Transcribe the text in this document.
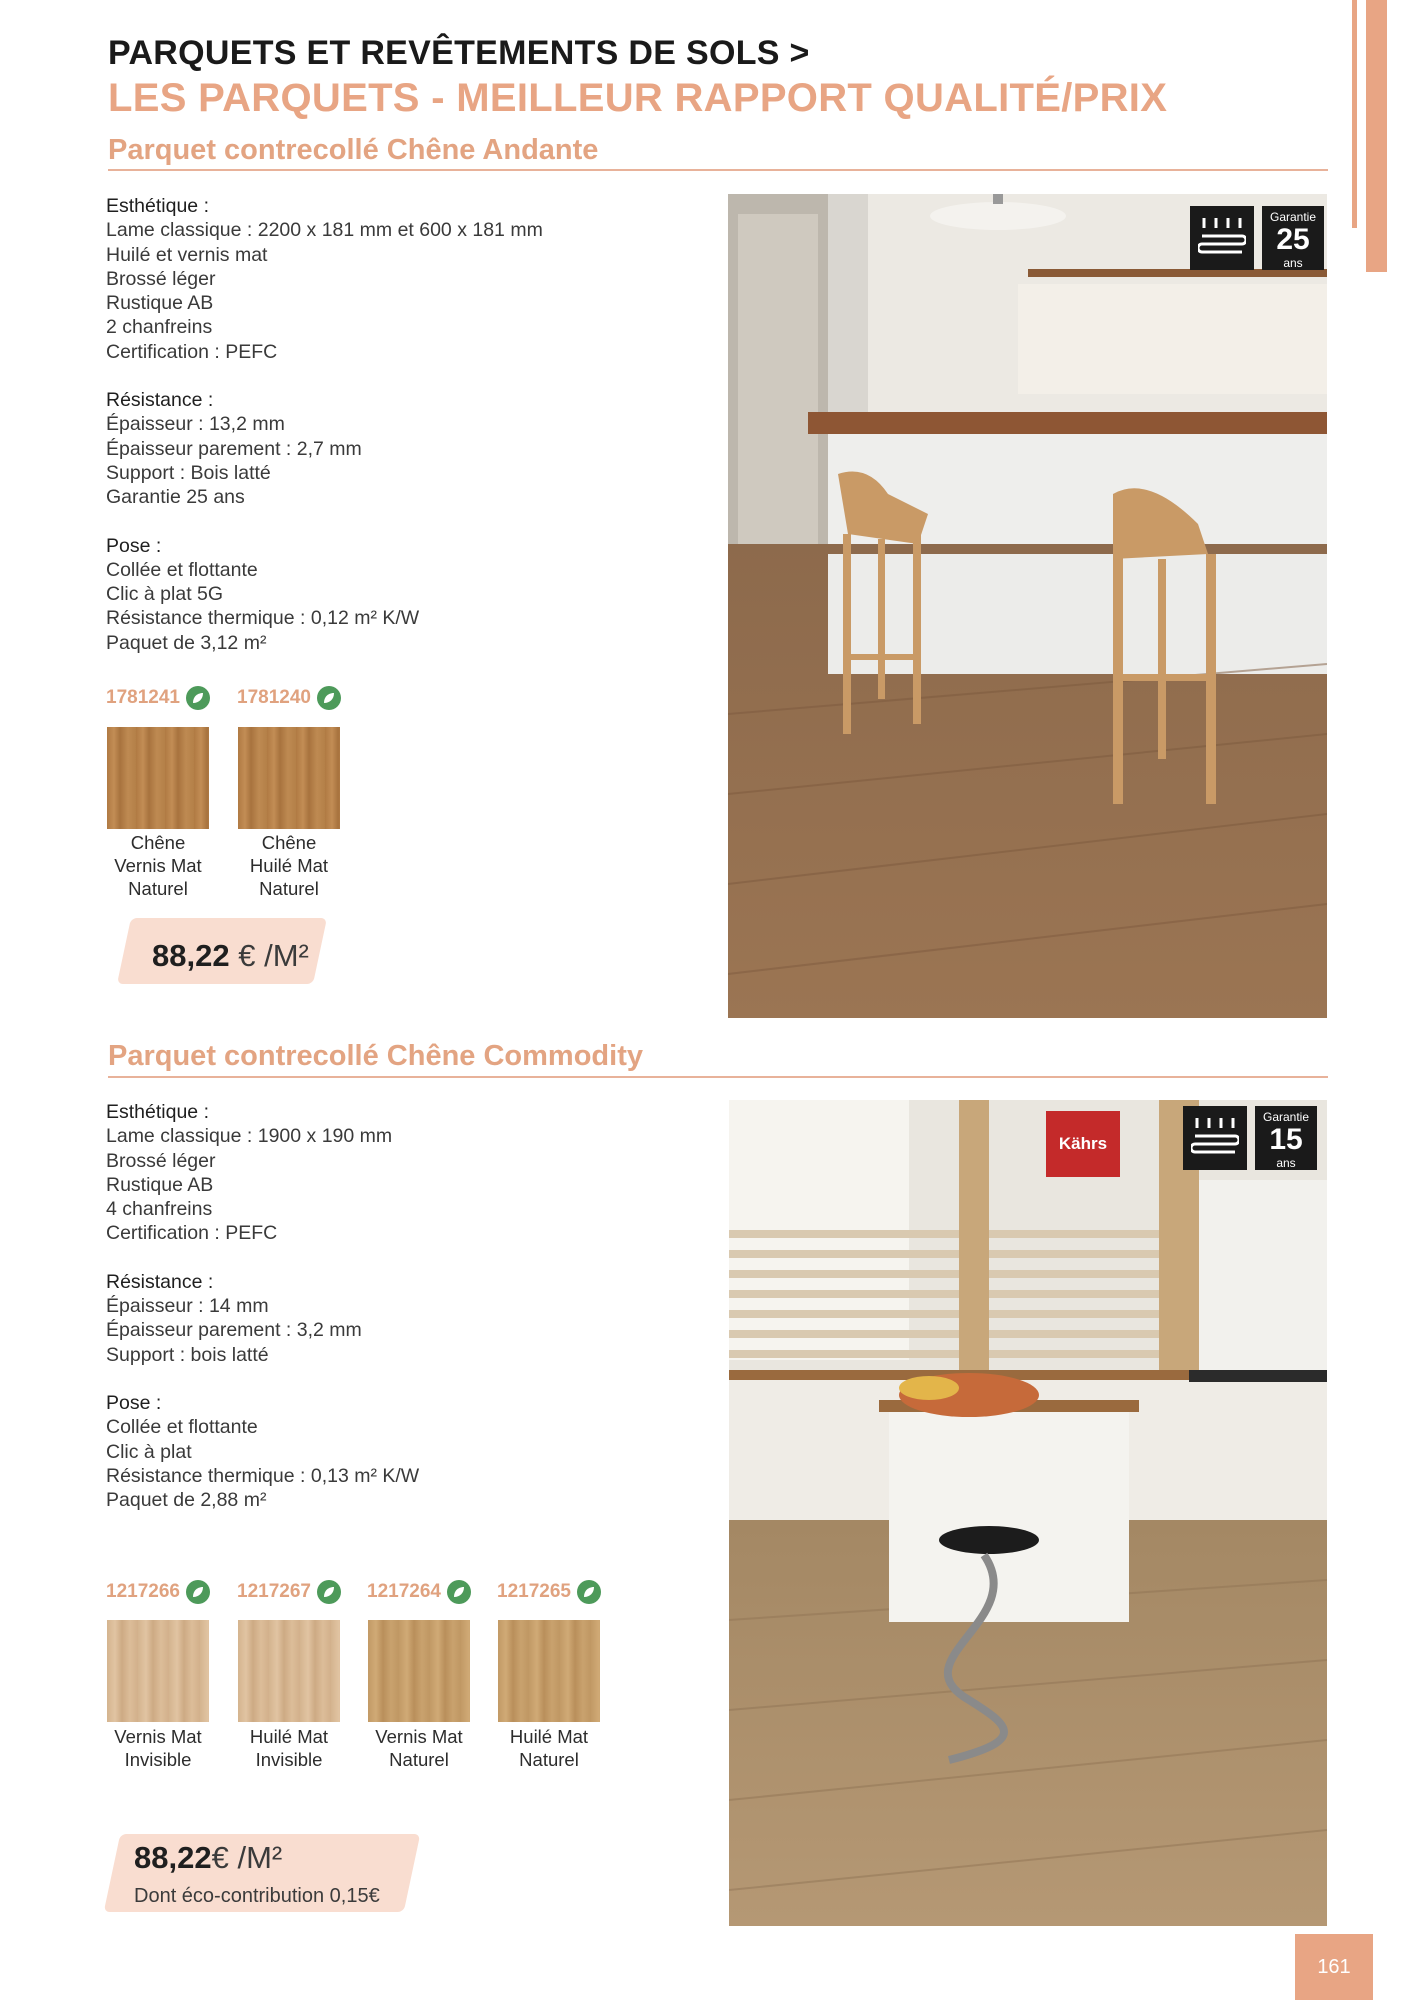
PARQUETS ET REVÊTEMENTS DE SOLS >
LES PARQUETS - MEILLEUR RAPPORT QUALITÉ/PRIX
Parquet contrecollé Chêne Andante
Esthétique :
Lame classique : 2200 x 181 mm et 600 x 181 mm
Huilé et vernis mat
Brossé léger
Rustique AB
2 chanfreins
Certification : PEFC
Résistance :
Épaisseur : 13,2 mm
Épaisseur parement : 2,7 mm
Support : Bois latté
Garantie 25 ans
Pose :
Collée et flottante
Clic à plat 5G
Résistance thermique : 0,12 m² K/W
Paquet de 3,12 m²
1781241	1781240
Chêne
Vernis Mat
Naturel
Chêne
Huilé Mat
Naturel
88,22 € /M²
Garantie
25
ans
Parquet contrecollé Chêne Commodity
Esthétique :
Lame classique : 1900 x 190 mm
Brossé léger
Rustique AB
4 chanfreins
Certification : PEFC
Résistance :
Épaisseur : 14 mm
Épaisseur parement : 3,2 mm
Support : bois latté
Pose :
Collée et flottante
Clic à plat
Résistance thermique : 0,13 m² K/W
Paquet de 2,88 m²
1217266	1217267	1217264	1217265
Vernis Mat
Invisible
Huilé Mat
Invisible
Vernis Mat
Naturel
Huilé Mat
Naturel
88,22€ /M²
Dont éco-contribution 0,15€
Kährs
Garantie
15
ans
161
